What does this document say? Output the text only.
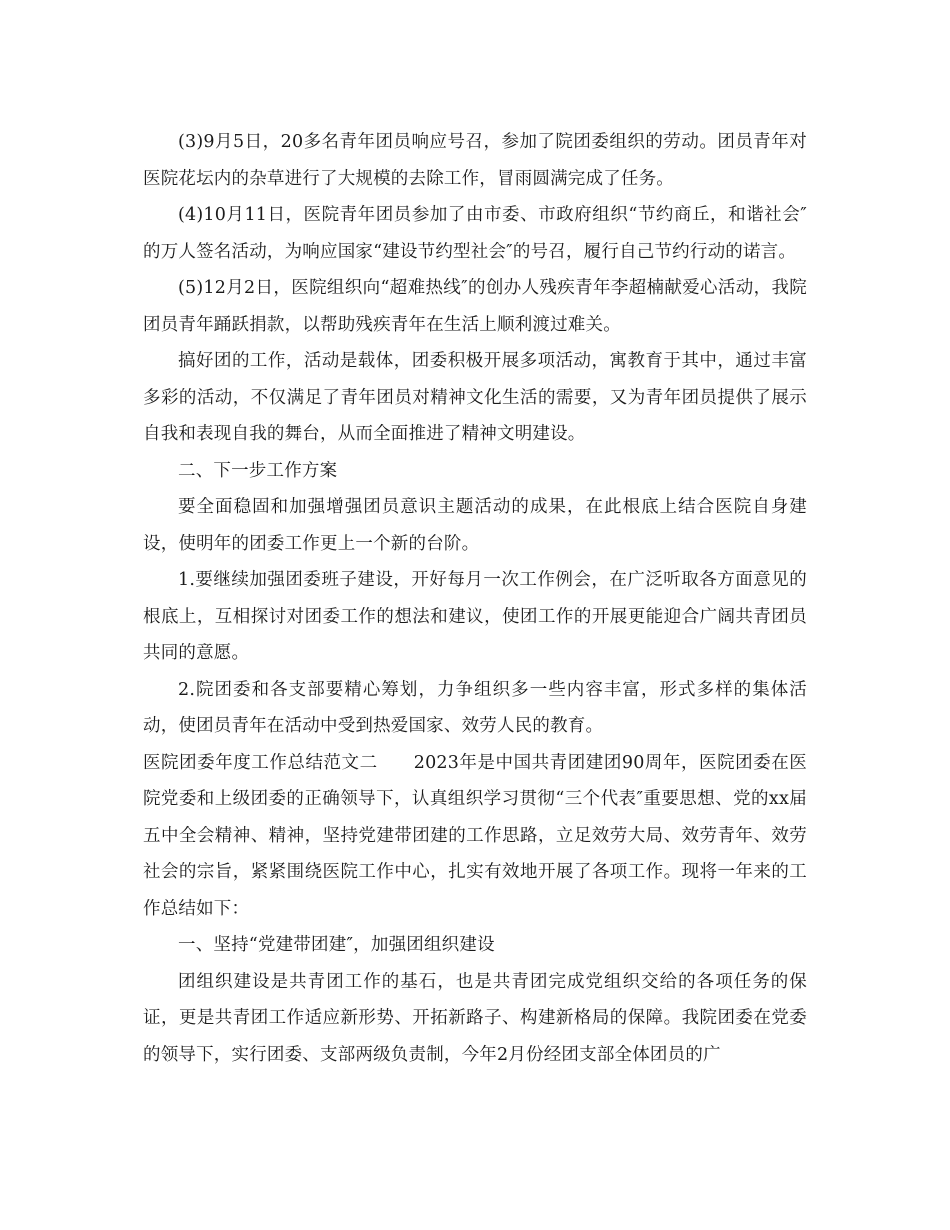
(3)9月5日，20多名青年团员响应号召，参加了院团委组织的劳动。团员青年对医院花坛内的杂草进行了大规模的去除工作，冒雨圆满完成了任务。

(4)10月11日，医院青年团员参加了由市委、市政府组织“节约商丘，和谐社会″的万人签名活动，为响应国家“建设节约型社会″的号召，履行自己节约行动的诺言。

(5)12月2日，医院组织向“超难热线″的创办人残疾青年李超楠献爱心活动，我院团员青年踊跃捐款，以帮助残疾青年在生活上顺利渡过难关。

搞好团的工作，活动是载体，团委积极开展多项活动，寓教育于其中，通过丰富多彩的活动，不仅满足了青年团员对精神文化生活的需要，又为青年团员提供了展示自我和表现自我的舞台，从而全面推进了精神文明建设。

二、下一步工作方案

要全面稳固和加强增强团员意识主题活动的成果，在此根底上结合医院自身建设，使明年的团委工作更上一个新的台阶。

1.要继续加强团委班子建设，开好每月一次工作例会，在广泛听取各方面意见的根底上，互相探讨对团委工作的想法和建议，使团工作的开展更能迎合广阔共青团员共同的意愿。

2.院团委和各支部要精心筹划，力争组织多一些内容丰富，形式多样的集体活动，使团员青年在活动中受到热爱国家、效劳人民的教育。

医院团委年度工作总结范文二　　2023年是中国共青团建团90周年，医院团委在医院党委和上级团委的正确领导下，认真组织学习贯彻“三个代表″重要思想、党的xx届五中全会精神、精神，坚持党建带团建的工作思路，立足效劳大局、效劳青年、效劳社会的宗旨，紧紧围绕医院工作中心，扎实有效地开展了各项工作。现将一年来的工作总结如下：

一、坚持“党建带团建″，加强团组织建设

团组织建设是共青团工作的基石，也是共青团完成党组织交给的各项任务的保证，更是共青团工作适应新形势、开拓新路子、构建新格局的保障。我院团委在党委的领导下，实行团委、支部两级负责制，今年2月份经团支部全体团员的广
